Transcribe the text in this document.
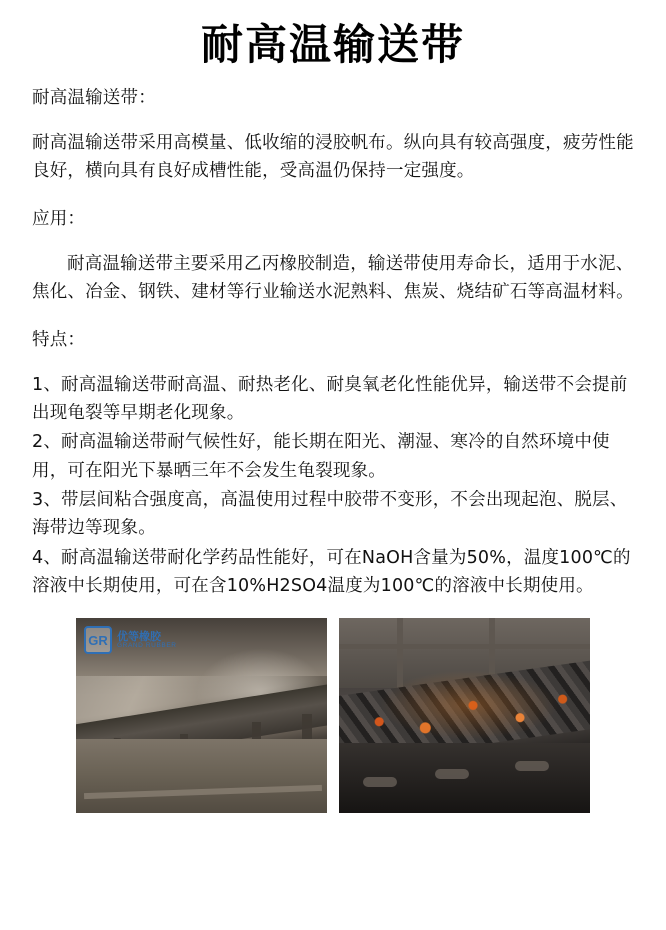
耐高温输送带

耐高温输送带：

耐高温输送带采用高模量、低收缩的浸胶帆布。纵向具有较高强度，疲劳性能良好，横向具有良好成槽性能，受高温仍保持一定强度。

应用：

耐高温输送带主要采用乙丙橡胶制造，输送带使用寿命长，适用于水泥、焦化、冶金、钢铁、建材等行业输送水泥熟料、焦炭、烧结矿石等高温材料。

特点：

1、耐高温输送带耐高温、耐热老化、耐臭氧老化性能优异，输送带不会提前出现龟裂等早期老化现象。

2、耐高温输送带耐气候性好，能长期在阳光、潮湿、寒冷的自然环境中使用，可在阳光下暴晒三年不会发生龟裂现象。

3、带层间粘合强度高，高温使用过程中胶带不变形，不会出现起泡、脱层、海带边等现象。

4、耐高温输送带耐化学药品性能好，可在NaOH含量为50%，温度100℃的溶液中长期使用，可在含10%H2SO4温度为100℃的溶液中长期使用。

GR 优等橡胶
GRAND RUBBER
